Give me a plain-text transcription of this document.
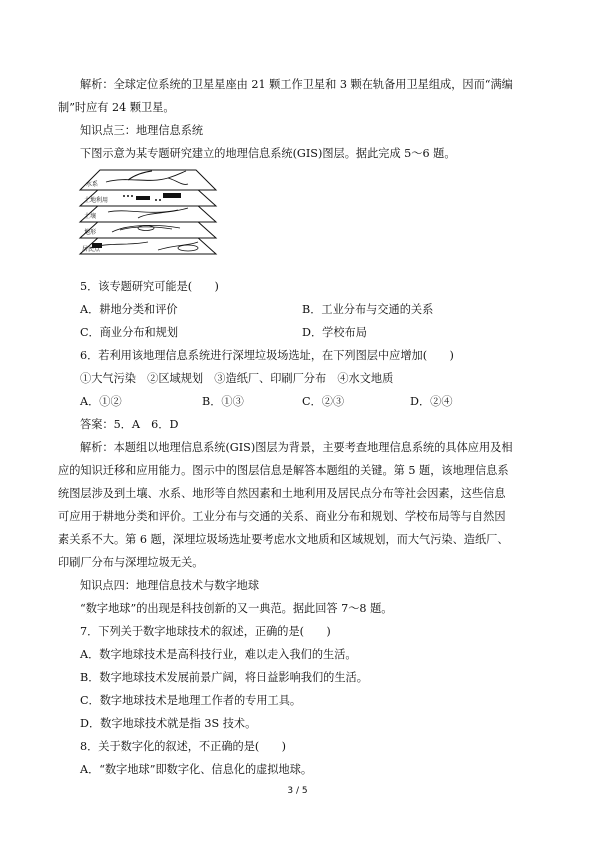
解析：全球定位系统的卫星星座由 21 颗工作卫星和 3 颗在轨备用卫星组成，因而“满编
制”时应有 24 颗卫星。
知识点三：地理信息系统
下图示意为某专题研究建立的地理信息系统(GIS)图层。据此完成 5～6 题。
水系
土地利用
土壤
地形
居民点
5．该专题研究可能是(　　)
A．耕地分类和评价	B．工业分布与交通的关系
C．商业分布和规划	D．学校布局
6．若利用该地理信息系统进行深埋垃圾场选址，在下列图层中应增加(　　)
①大气污染　②区域规划　③造纸厂、印刷厂分布　④水文地质
A．①②	B．①③	C．②③	D．②④
答案：5．A　6．D
解析：本题组以地理信息系统(GIS)图层为背景，主要考查地理信息系统的具体应用及相
应的知识迁移和应用能力。图示中的图层信息是解答本题组的关键。第 5 题，该地理信息系
统图层涉及到土壤、水系、地形等自然因素和土地利用及居民点分布等社会因素，这些信息
可应用于耕地分类和评价。工业分布与交通的关系、商业分布和规划、学校布局等与自然因
素关系不大。第 6 题，深埋垃圾场选址要考虑水文地质和区域规划，而大气污染、造纸厂、
印刷厂分布与深埋垃圾无关。
知识点四：地理信息技术与数字地球
“数字地球”的出现是科技创新的又一典范。据此回答 7～8 题。
7．下列关于数字地球技术的叙述，正确的是(　　)
A．数字地球技术是高科技行业，难以走入我们的生活。
B．数字地球技术发展前景广阔，将日益影响我们的生活。
C．数字地球技术是地理工作者的专用工具。
D．数字地球技术就是指 3S 技术。
8．关于数字化的叙述，不正确的是(　　)
A．“数字地球”即数字化、信息化的虚拟地球。
3 / 5
